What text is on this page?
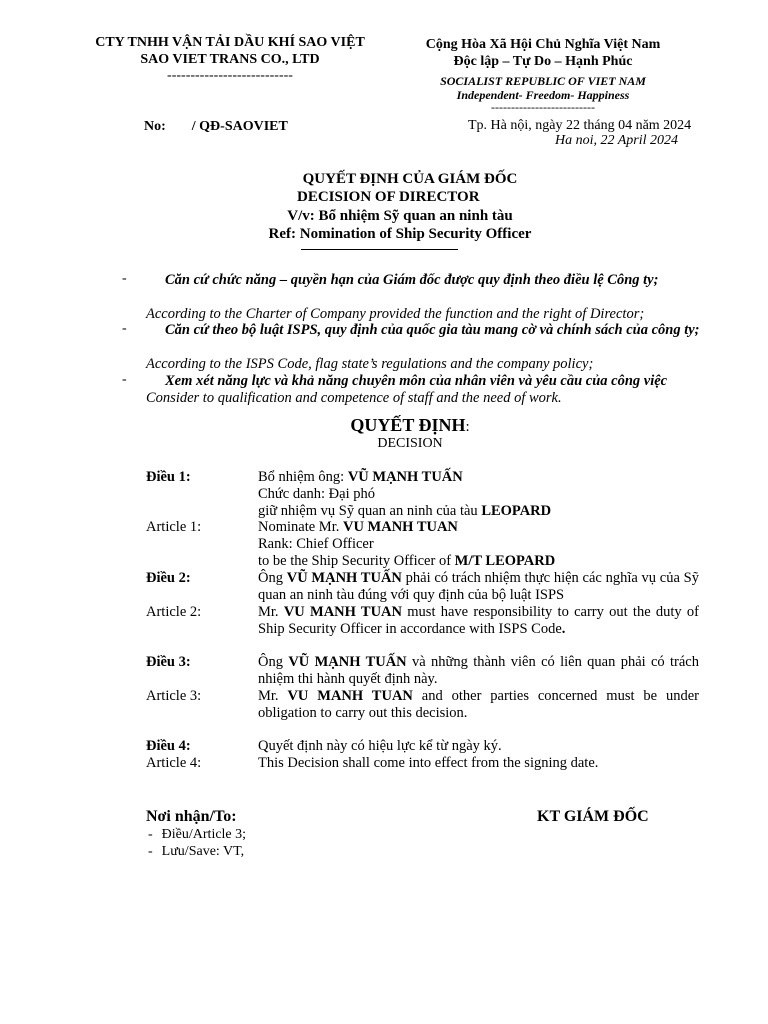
CTY TNHH VẬN TẢI DẦU KHÍ SAO VIỆT
SAO VIET TRANS CO., LTD
---------------------------
Cộng Hòa Xã Hội Chủ Nghĩa Việt Nam
Độc lập – Tự Do – Hạnh Phúc
SOCIALIST REPUBLIC OF VIET NAM
Independent- Freedom- Happiness
--------------------------
No: / QĐ-SAOVIET	Tp. Hà nội, ngày 22 tháng 04 năm 2024
Ha noi, 22 April 2024
QUYẾT ĐỊNH CỦA GIÁM ĐỐC
DECISION OF DIRECTOR
V/v: Bổ nhiệm Sỹ quan an ninh tàu
Ref: Nomination of Ship Security Officer
-	Căn cứ chức năng – quyền hạn của Giám đốc được quy định theo điều lệ Công ty;
According to the Charter of Company provided the function and the right of Director;
-	Căn cứ theo bộ luật ISPS, quy định của quốc gia tàu mang cờ và chính sách của công ty;
According to the ISPS Code, flag state’s regulations and the company policy;
-	Xem xét năng lực và khả năng chuyên môn của nhân viên và yêu cầu của công việc
Consider to qualification and competence of staff and the need of work.
QUYẾT ĐỊNH:
DECISION
Điều 1:	Bổ nhiệm ông: VŨ MẠNH TUẤN
Chức danh: Đại phó
giữ nhiệm vụ Sỹ quan an ninh của tàu LEOPARD
Article 1:	Nominate Mr. VU MANH TUAN
Rank: Chief Officer
to be the Ship Security Officer of M/T LEOPARD
Điều 2:	Ông VŨ MẠNH TUẤN phải có trách nhiệm thực hiện các nghĩa vụ của Sỹ quan an ninh tàu đúng với quy định của bộ luật ISPS
Article 2:	Mr. VU MANH TUAN must have responsibility to carry out the duty of Ship Security Officer in accordance with ISPS Code.
Điều 3:	Ông VŨ MẠNH TUẤN và những thành viên có liên quan phải có trách nhiệm thi hành quyết định này.
Article 3:	Mr. VU MANH TUAN and other parties concerned must be under obligation to carry out this decision.
Điều 4:	Quyết định này có hiệu lực kể từ ngày ký.
Article 4:	This Decision shall come into effect from the signing date.
Nơi nhận/To:
- Điều/Article 3;
- Lưu/Save: VT,
KT GIÁM ĐỐC
